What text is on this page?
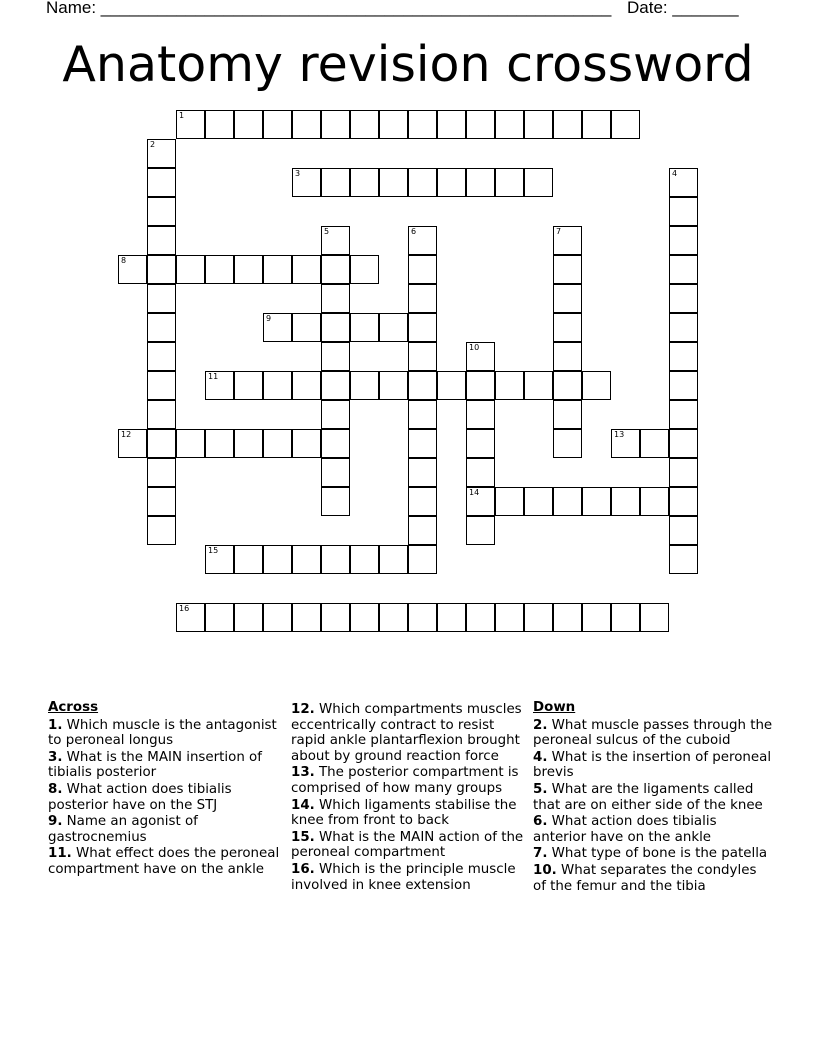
Name: ______________________________________________________ Date: _______
Anatomy revision crossword
1
2
3	4
5	6	7
8
9
10
14
11
12	13
15
16
Across
1. Which muscle is the antagonist to peroneal longus
3. What is the MAIN insertion of tibialis posterior
8. What action does tibialis posterior have on the STJ
9. Name an agonist of gastrocnemius
11. What effect does the peroneal compartment have on the ankle
12. Which compartments muscles eccentrically contract to resist rapid ankle plantarflexion brought about by ground reaction force
13. The posterior compartment is comprised of how many groups
14. Which ligaments stabilise the knee from front to back
15. What is the MAIN action of the peroneal compartment
16. Which is the principle muscle involved in knee extension
Down
2. What muscle passes through the peroneal sulcus of the cuboid
4. What is the insertion of peroneal brevis
5. What are the ligaments called that are on either side of the knee
6. What action does tibialis anterior have on the ankle
7. What type of bone is the patella
10. What separates the condyles of the femur and the tibia
